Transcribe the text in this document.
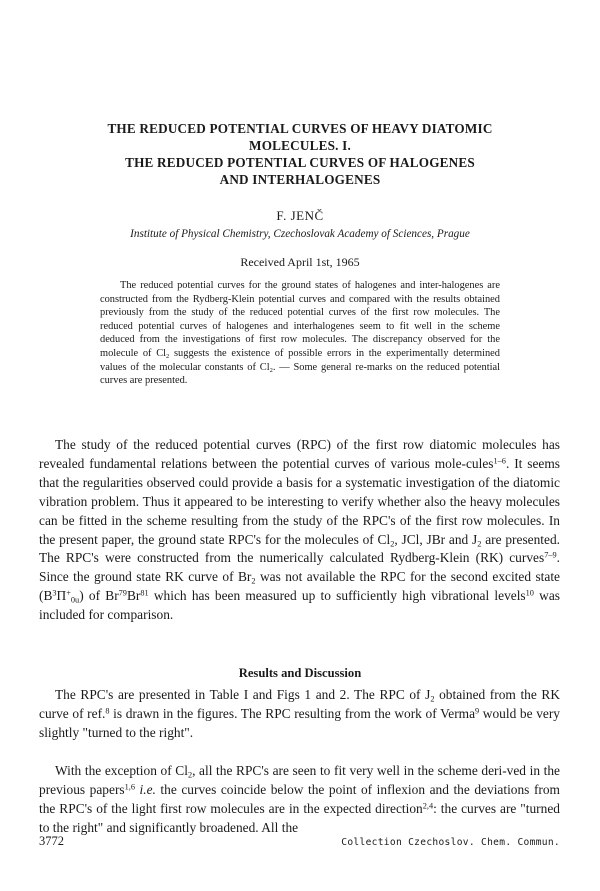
THE REDUCED POTENTIAL CURVES OF HEAVY DIATOMIC
MOLECULES. I.
THE REDUCED POTENTIAL CURVES OF HALOGENES
AND INTERHALOGENES
F. JENČ
Institute of Physical Chemistry, Czechoslovak Academy of Sciences, Prague
Received April 1st, 1965
The reduced potential curves for the ground states of halogenes and inter-halogenes are constructed from the Rydberg-Klein potential curves and compared with the results obtained previously from the study of the reduced potential curves of the first row molecules. The reduced potential curves of halogenes and interhalogenes seem to fit well in the scheme deduced from the investigations of first row molecules. The discrepancy observed for the molecule of $Cl_2$ suggests the existence of possible errors in the experimentally determined values of the molecular constants of $Cl_2$. — Some general re-marks on the reduced potential curves are presented.
The study of the reduced potential curves (RPC) of the first row diatomic molecules has revealed fundamental relations between the potential curves of various mole-cules$^{1-6}$. It seems that the regularities observed could provide a basis for a systematic investigation of the diatomic vibration problem. Thus it appeared to be interesting to verify whether also the heavy molecules can be fitted in the scheme resulting from the study of the RPC's of the first row molecules. In the present paper, the ground state RPC's for the molecules of $Cl_2$, JCl, JBr and $J_2$ are presented. The RPC's were constructed from the numerically calculated Rydberg-Klein (RK) curves$^{7-9}$. Since the ground state RK curve of $Br_2$ was not available the RPC for the second excited state $(B^3\Pi^+_{0u})$ of Br$^{79}$Br$^{81}$ which has been measured up to sufficiently high vibrational levels$^{10}$ was included for comparison.
Results and Discussion
The RPC's are presented in Table I and Figs 1 and 2. The RPC of $J_2$ obtained from the RK curve of ref.$^8$ is drawn in the figures. The RPC resulting from the work of Verma$^9$ would be very slightly "turned to the right".
With the exception of $Cl_2$, all the RPC's are seen to fit very well in the scheme deri-ved in the previous papers$^{1,6}$ i.e. the curves coincide below the point of inflexion and the deviations from the RPC's of the light first row molecules are in the expected direction$^{2,4}$: the curves are "turned to the right" and significantly broadened. All the
3772	Collection Czechoslov. Chem. Commun.
